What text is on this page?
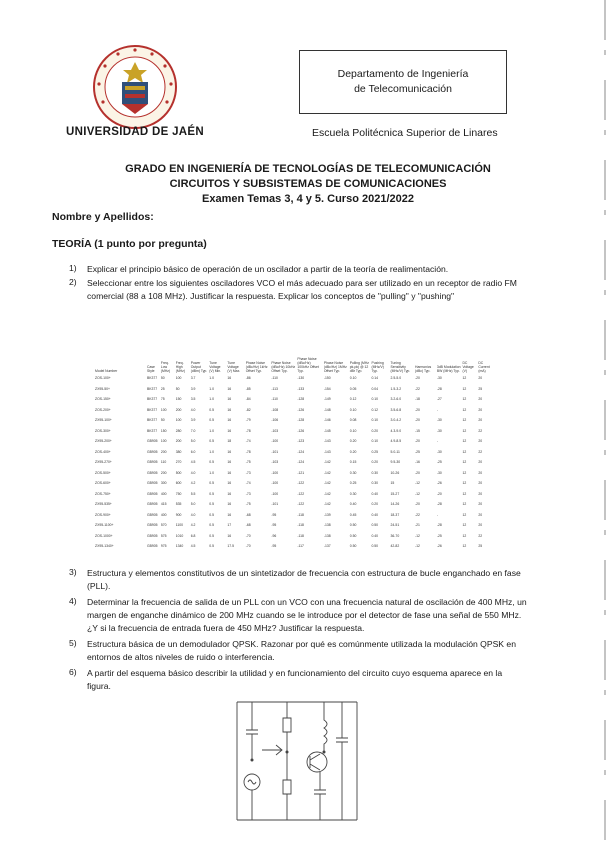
UNIVERSIDAD DE JAÉN
Departamento de Ingeniería
de Telecomunicación
Escuela Politécnica Superior de Linares
GRADO EN INGENIERÍA DE TECNOLOGÍAS DE TELECOMUNICACIÓN
CIRCUITOS Y SUBSISTEMAS DE COMUNICACIONES
Examen Temas 3, 4 y 5. Curso 2021/2022
Nombre y Apellidos:
TEORÍA (1 punto por pregunta)
1) Explicar el principio básico de operación de un oscilador a partir de la teoría de realimentación.
2) Seleccionar entre los siguientes osciladores VCO el más adecuado para ser utilizado en un receptor de radio FM comercial (88 a 108 MHz). Justificar la respuesta. Explicar los conceptos de "pulling" y "pushing"
Model Number	Case Style	Freq. Low (MHz)	Freq. High (MHz)	Power Output (dBm) Typ.	Tune Voltage (V) Min.	Tune Voltage (V) Max.	Phase Noise (dBc/Hz) 1kHz Offset Typ.	Phase Noise (dBc/Hz) 10kHz Offset Typ.	Phase Noise (dBc/Hz) 100kHz Offset Typ.	Phase Noise (dBc/Hz) 1MHz Offset Typ.	Pulling (MHz pk-pk) @ 12 dBr Typ.	Pushing (MHz/V) Typ.	Tuning Sensitivity (MHz/V) Typ.	Harmonics (dBc) Typ.	3dB Modulation BW (MHz) Typ.	DC Voltage (V)	DC Current (mA)
ZOS-100+	BK377	50	100	3.7	1.0	16	-86	-110	-130	-150	0.10	0.14	2.5-5.0	-20	-30	12	20
ZX95-50+	BK377	25	50	3.9	1.0	16	-85	-113	-133	-154	0.05	0.04	1.5-3.2	-22	-28	12	25
ZOS-150+	BK377	75	150	3.5	1.0	16	-84	-110	-128	-149	0.12	0.10	3.2-6.0	-18	-27	12	20
ZOS-200+	BK377	100	200	4.0	0.5	16	-82	-108	-126	-148	0.10	0.12	3.5-6.8	-20	-	12	20
ZX95-100+	BK377	50	100	3.9	0.5	16	-79	-106	-128	-146	0.08	0.10	3.0-4.2	-20	-30	12	20
ZOS-300+	BK377	150	280	7.0	1.0	16	-78	-103	-126	-145	0.10	0.20	4.3-9.0	-15	-30	12	22
ZX95-200+	GB905	100	200	5.0	0.5	18	-74	-100	-123	-143	0.20	0.10	4.9-8.5	-20	-	12	20
ZOS-400+	GB905	200	380	6.0	1.0	16	-78	-101	-124	-143	0.20	0.25	5.0-11	-25	-30	12	22
ZX95-270+	GB905	110	270	4.5	0.5	16	-75	-103	-124	-142	0.15	0.20	9.5-30	-16	-25	12	20
ZOS-500+	GB905	200	500	4.0	1.0	16	-73	-100	-121	-142	0.30	0.30	10-26	-20	-30	12	20
ZOS-600+	GB905	300	600	4.2	0.5	16	-74	-100	-122	-142	0.25	0.30	15	-12	-26	12	20
ZOS-750+	GB905	400	750	5.5	0.5	16	-73	-100	-122	-142	0.30	0.40	15-27	-12	-20	12	20
ZX95-535+	GB905	415	535	5.0	0.5	16	-75	-101	-122	-142	0.40	0.20	14-26	-20	-28	12	20
ZOS-900+	GB905	400	900	4.0	0.5	16	-68	-95	-118	-139	0.45	0.40	18-37	-22	-	12	20
ZX95-1100+	GB905	570	1100	4.2	0.5	17	-68	-95	-118	-138	0.50	0.50	24-51	-21	-28	12	20
ZOS-1000+	GB905	575	1010	6.8	0.5	16	-70	-96	-118	-138	0.50	0.40	36-70	-12	-25	12	22
ZX95-1340+	GB905	975	1340	4.5	0.5	17.5	-70	-95	-117	-137	0.50	0.50	42-82	-12	-26	12	25
3) Estructura y elementos constitutivos de un sintetizador de frecuencia con estructura de bucle enganchado en fase (PLL).
4) Determinar la frecuencia de salida de un PLL con un VCO con una frecuencia natural de oscilación de 400 MHz, un margen de enganche dinámico de 200 MHz cuando se le introduce por el detector de fase una señal de 550 MHz. ¿Y si la frecuencia de entrada fuera de 450 MHz? Justificar la respuesta.
5) Estructura básica de un demodulador QPSK. Razonar por qué es comúnmente utilizada la modulación QPSK en entornos de altos niveles de ruido o interferencia.
6) A partir del esquema básico describir la utilidad y en funcionamiento del circuito cuyo esquema aparece en la figura.
